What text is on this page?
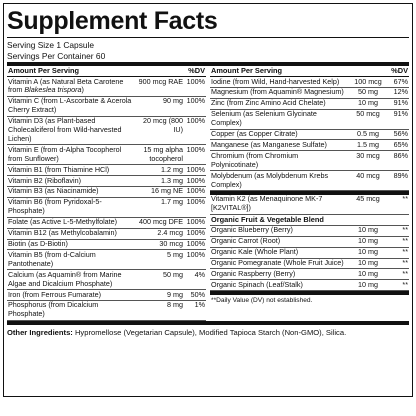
Supplement Facts
Serving Size 1 Capsule
Servings Per Container 60
Amount Per Serving	%DV
Vitamin A (as Natural Beta Carotene from Blakeslea trispora)
900 mcg RAE 100%
Vitamin C (from L-Ascorbate & Acerola Cherry Extract)
90 mg 100%
Vitamin D3 (as Plant-based Cholecalciferol from Wild-harvested Lichen)
20 mcg (800 IU)
100%
Vitamin E (from d-Alpha Tocopherol from Sunflower)
15 mg alpha tocopherol
100%
Vitamin B1 (from Thiamine HCl)	1.2 mg 100%
Vitamin B2 (Riboflavin)	1.3 mg 100%
Vitamin B3 (as Niacinamide)	16 mg NE 100%
Vitamin B6 (from Pyridoxal-5-Phosphate)
1.7 mg 100%
Folate (as Active L-5-Methylfolate)	400 mcg DFE 100%
Vitamin B12 (as Methylcobalamin)	2.4 mcg 100%
Biotin (as D-Biotin)	30 mcg 100%
Vitamin B5 (from d-Calcium Pantothenate)
5 mg 100%
Calcium (as Aquamin® from Marine Algae and Dicalcium Phosphate)
50 mg	4%
Iron (from Ferrous Fumarate)	9 mg	50%
Phosphorus (from Dicalcium Phosphate)
8 mg	1%
Amount Per Serving	%DV
Iodine (from Wild, Hand-harvested Kelp)	100 mcg	67%
Magnesium (from Aquamin® Magnesium)	50 mg	12%
Zinc (from Zinc Amino Acid Chelate)	10 mg	91%
Selenium (as Selenium Glycinate Complex)
50 mcg	91%
Copper (as Copper Citrate)	0.5 mg	56%
Manganese (as Manganese Sulfate)	1.5 mg	65%
Chromium (from Chromium Polynicotinate)
30 mcg	86%
Molybdenum (as Molybdenum Krebs Complex)
40 mcg	89%
Vitamin K2 (as Menaquinone MK-7 [K2VITAL®])
45 mcg	**
Organic Fruit & Vegetable Blend
Organic Blueberry (Berry)	10 mg	**
Organic Carrot (Root)	10 mg	**
Organic Kale (Whole Plant)	10 mg	**
Organic Pomegranate (Whole Fruit Juice)	10 mg	**
Organic Raspberry (Berry)	10 mg	**
Organic Spinach (Leaf/Stalk)	10 mg	**
**Daily Value (DV) not established.
Other Ingredients: Hypromellose (Vegetarian Capsule), Modified Tapioca Starch (Non-GMO), Silica.
